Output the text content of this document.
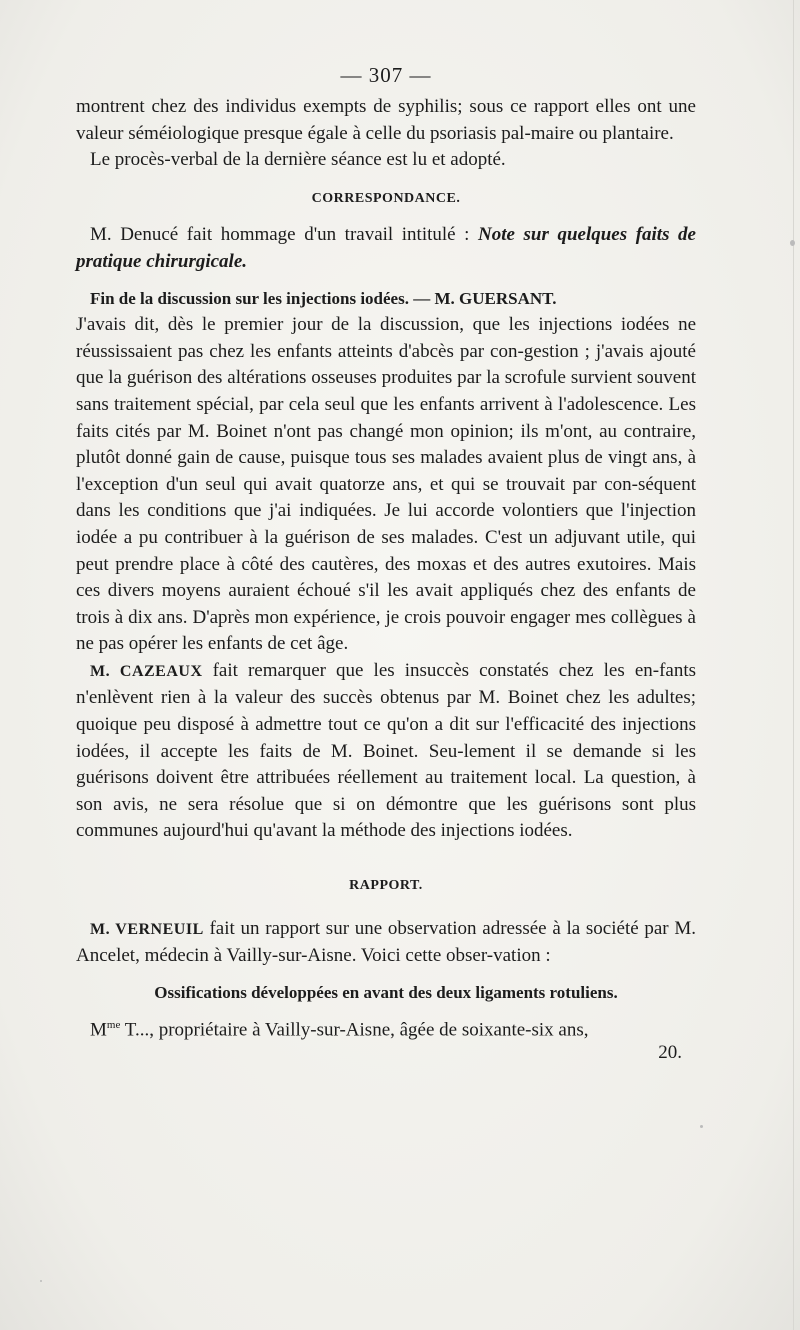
— 307 —

montrent chez des individus exempts de syphilis; sous ce rapport elles ont une valeur séméiologique presque égale à celle du psoriasis pal-maire ou plantaire.

Le procès-verbal de la dernière séance est lu et adopté.

CORRESPONDANCE.

M. Denucé fait hommage d'un travail intitulé : Note sur quelques faits de pratique chirurgicale.

Fin de la discussion sur les injections iodées. — M. GUERSANT.
J'avais dit, dès le premier jour de la discussion, que les injections iodées ne réussissaient pas chez les enfants atteints d'abcès par con-gestion ; j'avais ajouté que la guérison des altérations osseuses produites par la scrofule survient souvent sans traitement spécial, par cela seul que les enfants arrivent à l'adolescence. Les faits cités par M. Boinet n'ont pas changé mon opinion; ils m'ont, au contraire, plutôt donné gain de cause, puisque tous ses malades avaient plus de vingt ans, à l'exception d'un seul qui avait quatorze ans, et qui se trouvait par con-séquent dans les conditions que j'ai indiquées. Je lui accorde volontiers que l'injection iodée a pu contribuer à la guérison de ses malades. C'est un adjuvant utile, qui peut prendre place à côté des cautères, des moxas et des autres exutoires. Mais ces divers moyens auraient échoué s'il les avait appliqués chez des enfants de trois à dix ans. D'après mon expérience, je crois pouvoir engager mes collègues à ne pas opérer les enfants de cet âge.

M. CAZEAUX fait remarquer que les insuccès constatés chez les en-fants n'enlèvent rien à la valeur des succès obtenus par M. Boinet chez les adultes; quoique peu disposé à admettre tout ce qu'on a dit sur l'efficacité des injections iodées, il accepte les faits de M. Boinet. Seu-lement il se demande si les guérisons doivent être attribuées réellement au traitement local. La question, à son avis, ne sera résolue que si on démontre que les guérisons sont plus communes aujourd'hui qu'avant la méthode des injections iodées.

RAPPORT.

M. VERNEUIL fait un rapport sur une observation adressée à la société par M. Ancelet, médecin à Vailly-sur-Aisne. Voici cette obser-vation :

Ossifications développées en avant des deux ligaments rotuliens.

$M^{me}$ T..., propriétaire à Vailly-sur-Aisne, âgée de soixante-six ans,

20.
